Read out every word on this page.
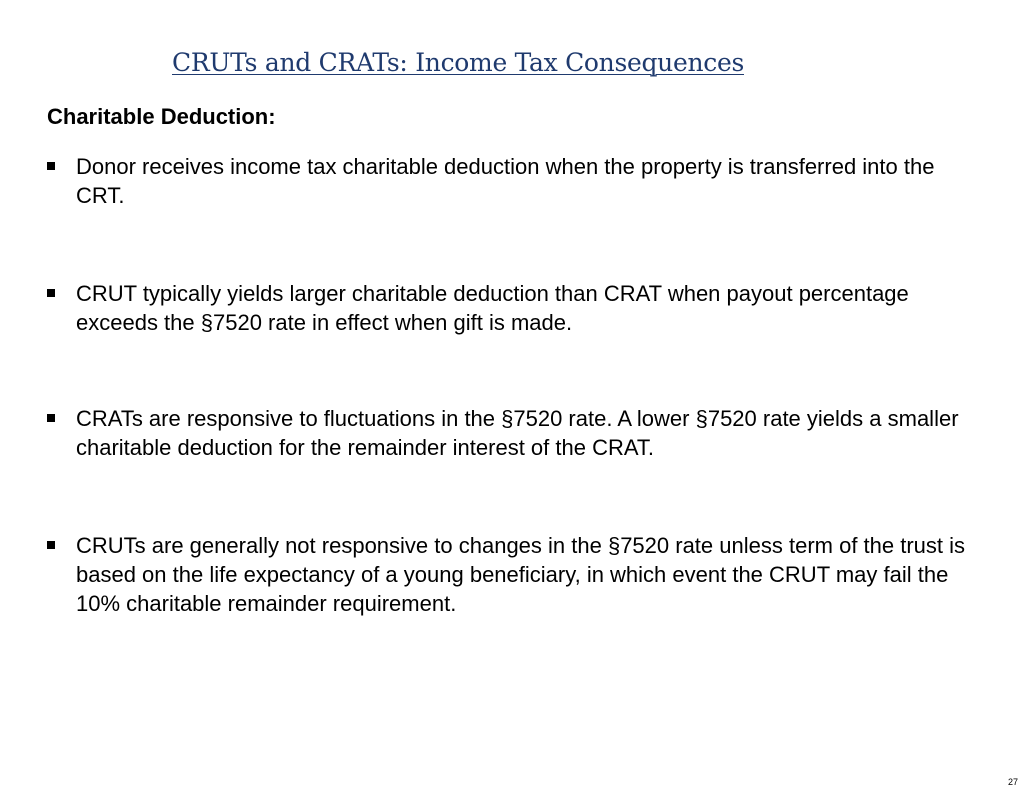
CRUTs and CRATs: Income Tax Consequences
Charitable Deduction:
Donor receives income tax charitable deduction when the property is transferred into the CRT.
CRUT typically yields larger charitable deduction than CRAT when payout percentage exceeds the §7520 rate in effect when gift is made.
CRATs are responsive to fluctuations in the §7520 rate. A lower §7520 rate yields a smaller charitable deduction for the remainder interest of the CRAT.
CRUTs are generally not responsive to changes in the §7520 rate unless term of the trust is based on the life expectancy of a young beneficiary, in which event the CRUT may fail the 10% charitable remainder requirement.
27
